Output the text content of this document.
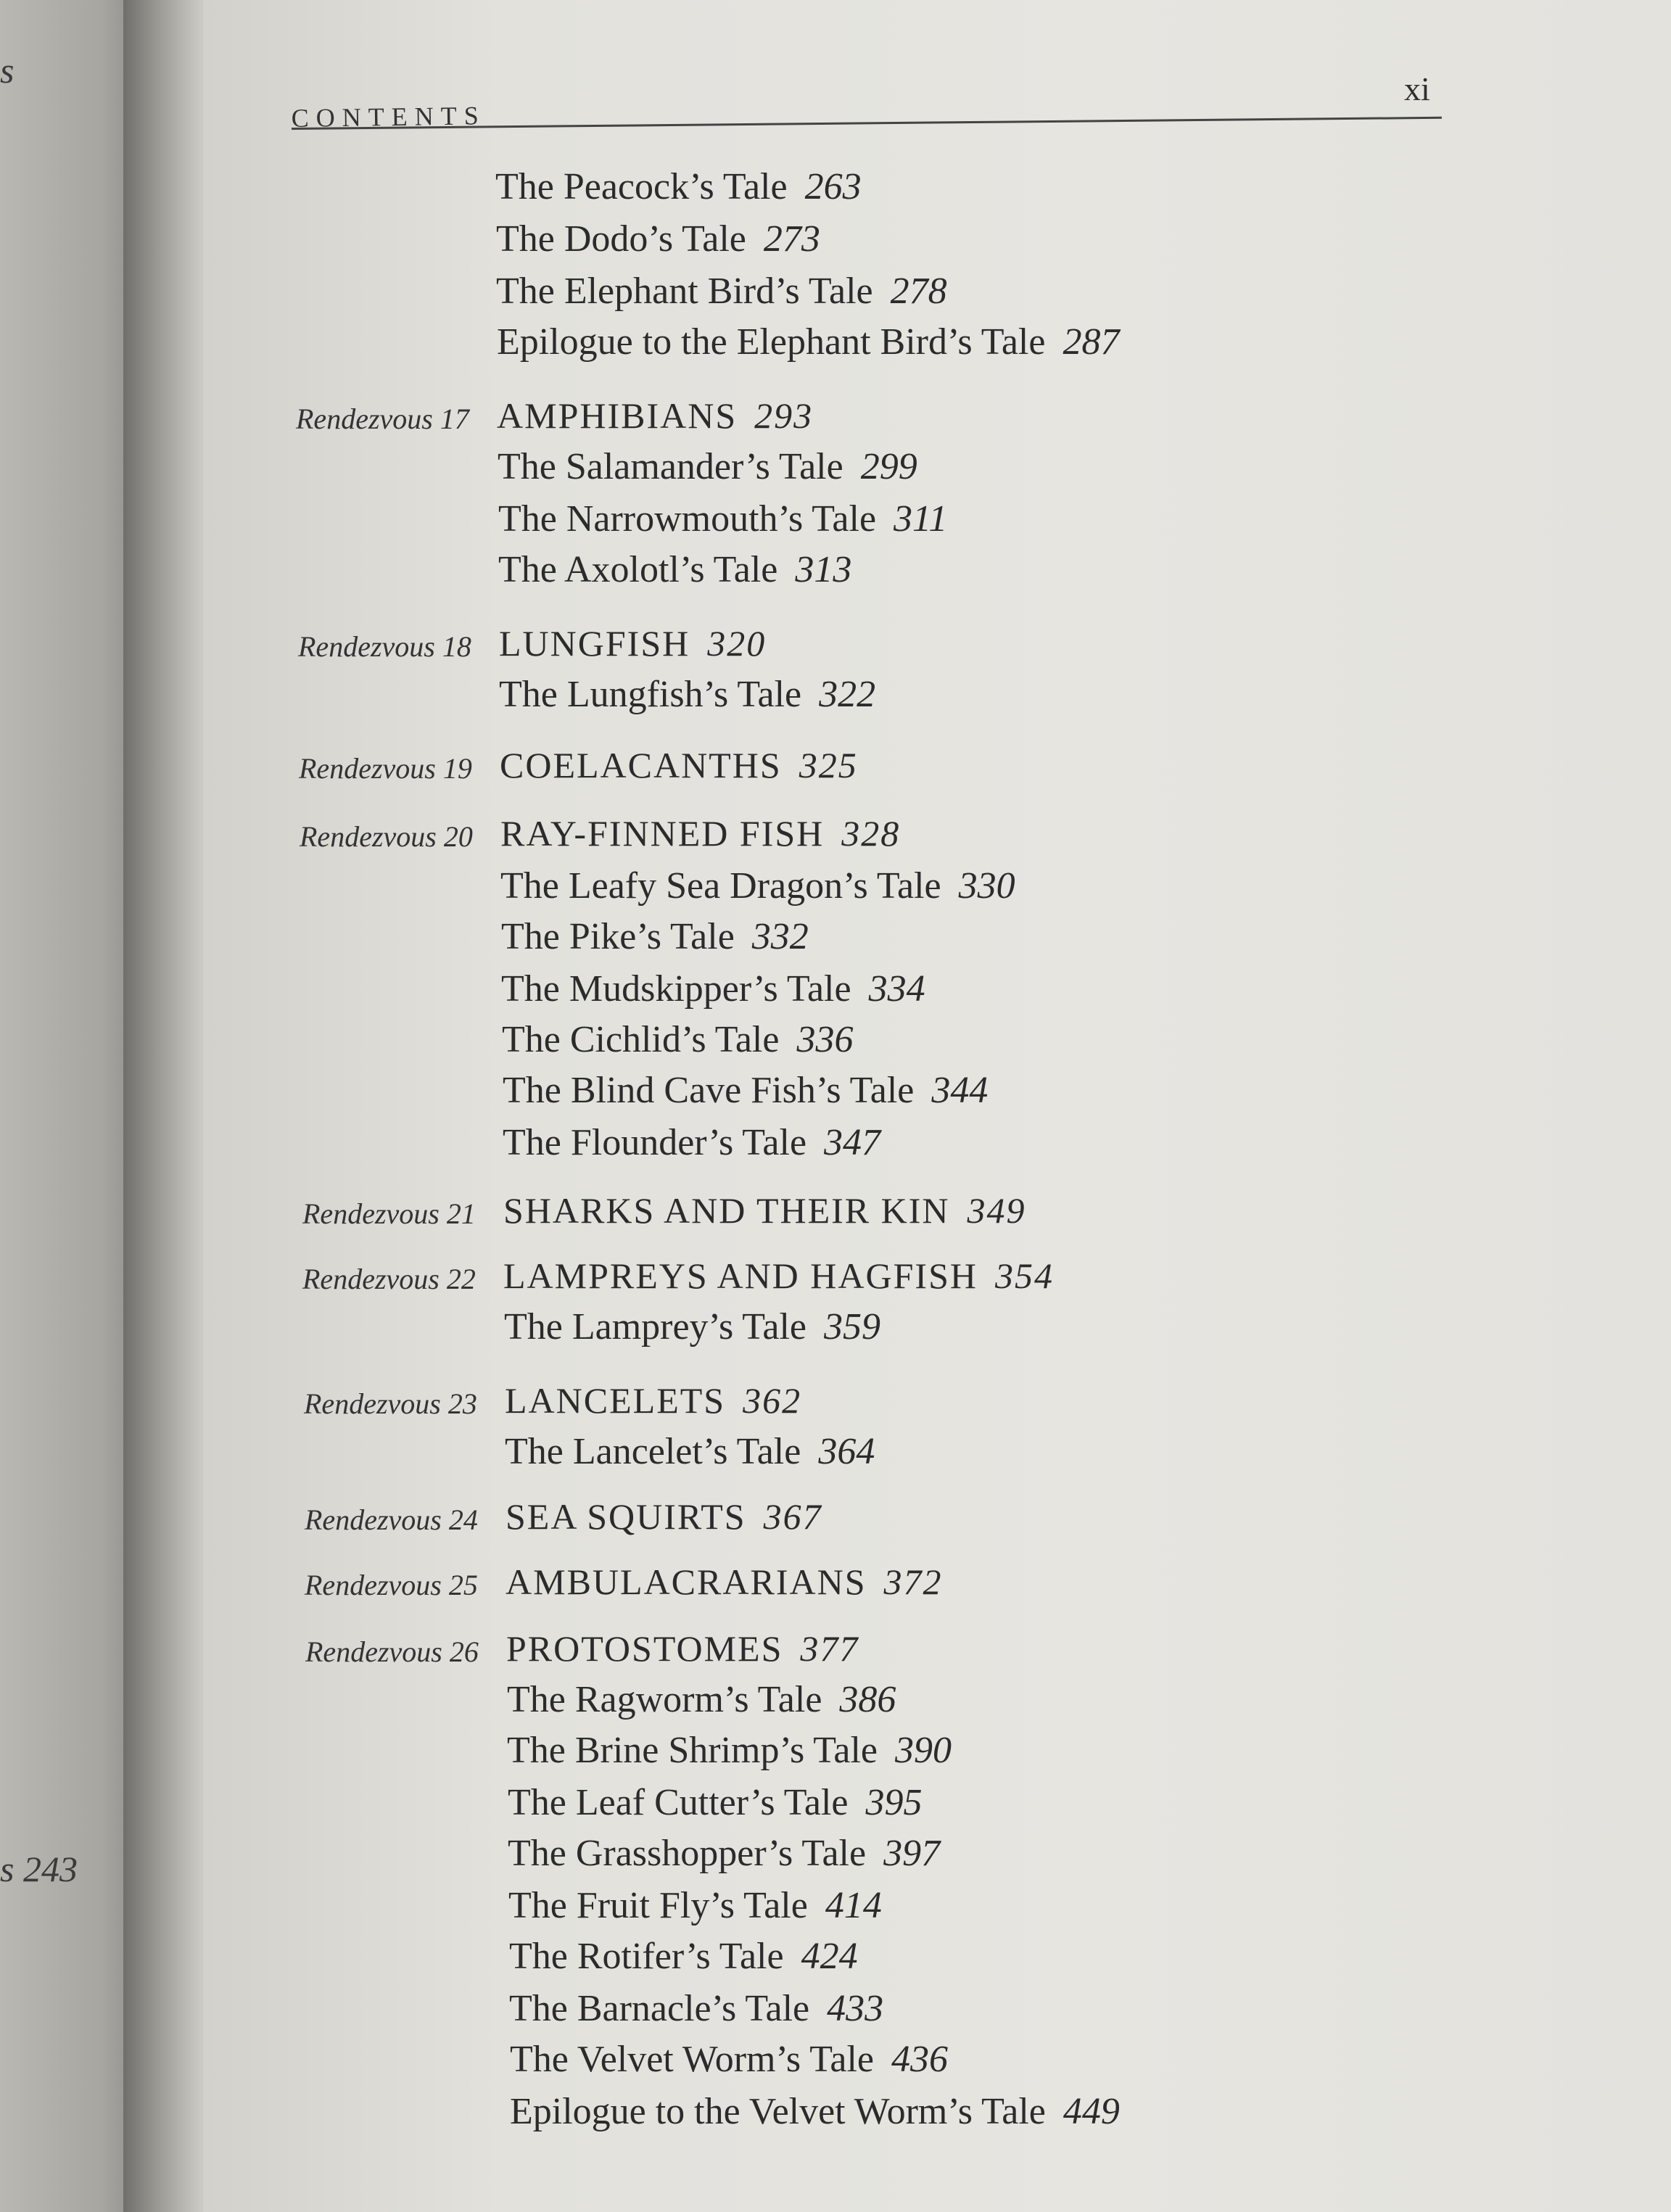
s
s 243
CONTENTS
xi
The Peacock’s Tale 263
The Dodo’s Tale 273
The Elephant Bird’s Tale 278
Epilogue to the Elephant Bird’s Tale 287
AMPHIBIANS 293
Rendezvous 17
The Salamander’s Tale 299
The Narrowmouth’s Tale 311
The Axolotl’s Tale 313
LUNGFISH 320
Rendezvous 18
The Lungfish’s Tale 322
COELACANTHS 325
Rendezvous 19
RAY-FINNED FISH 328
Rendezvous 20
The Leafy Sea Dragon’s Tale 330
The Pike’s Tale 332
The Mudskipper’s Tale 334
The Cichlid’s Tale 336
The Blind Cave Fish’s Tale 344
The Flounder’s Tale 347
SHARKS AND THEIR KIN 349
Rendezvous 21
LAMPREYS AND HAGFISH 354
Rendezvous 22
The Lamprey’s Tale 359
LANCELETS 362
Rendezvous 23
The Lancelet’s Tale 364
SEA SQUIRTS 367
Rendezvous 24
AMBULACRARIANS 372
Rendezvous 25
PROTOSTOMES 377
Rendezvous 26
The Ragworm’s Tale 386
The Brine Shrimp’s Tale 390
The Leaf Cutter’s Tale 395
The Grasshopper’s Tale 397
The Fruit Fly’s Tale 414
The Rotifer’s Tale 424
The Barnacle’s Tale 433
The Velvet Worm’s Tale 436
Epilogue to the Velvet Worm’s Tale 449
